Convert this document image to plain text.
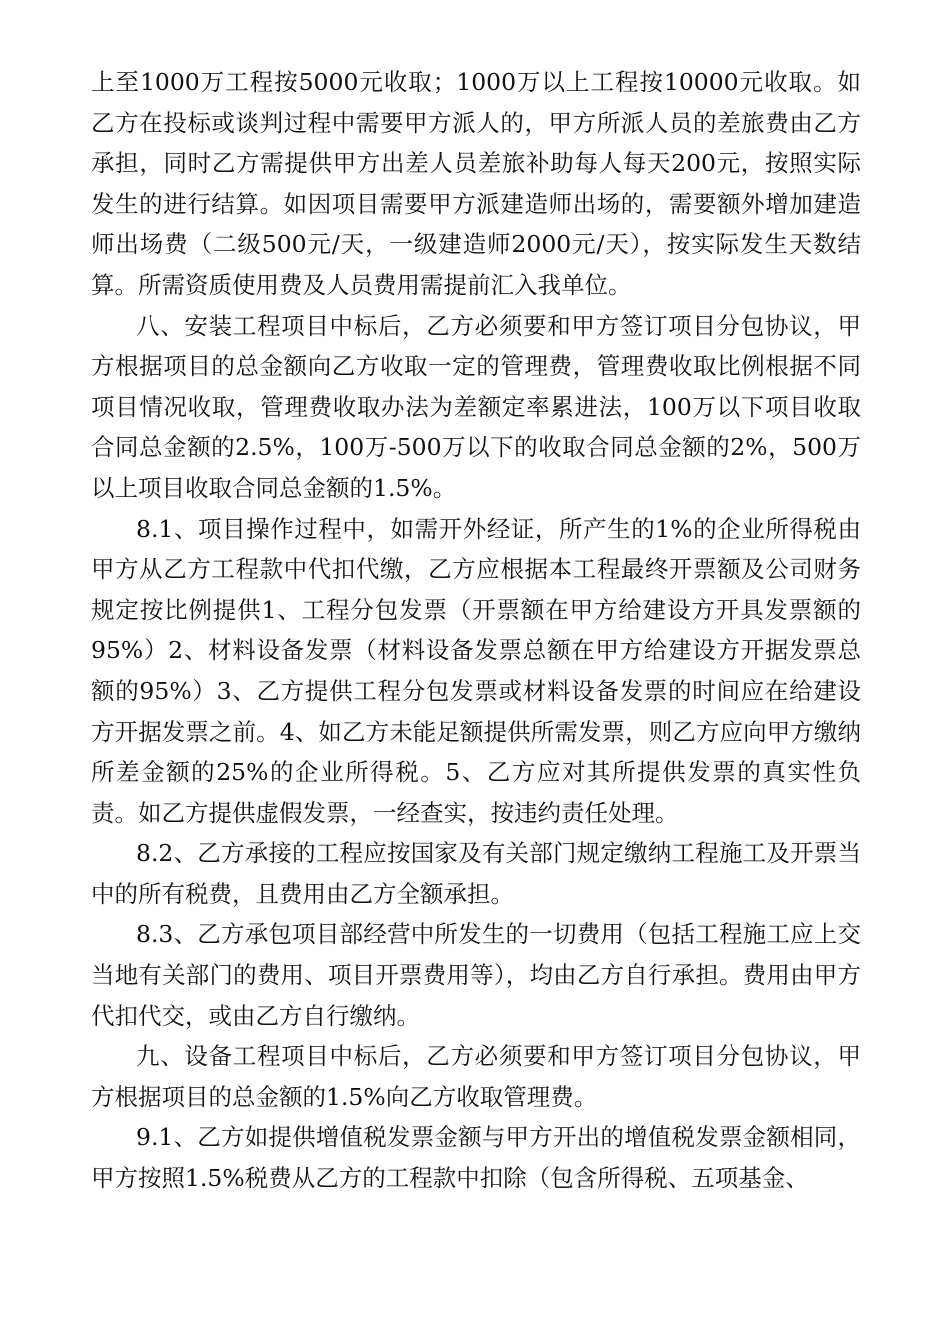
上至1000万工程按5000元收取；1000万以上工程按10000元收取。如乙方在投标或谈判过程中需要甲方派人的，甲方所派人员的差旅费由乙方承担，同时乙方需提供甲方出差人员差旅补助每人每天200元，按照实际发生的进行结算。如因项目需要甲方派建造师出场的，需要额外增加建造师出场费（二级500元/天，一级建造师2000元/天），按实际发生天数结算。所需资质使用费及人员费用需提前汇入我单位。

八、安装工程项目中标后，乙方必须要和甲方签订项目分包协议，甲方根据项目的总金额向乙方收取一定的管理费，管理费收取比例根据不同项目情况收取，管理费收取办法为差额定率累进法，100万以下项目收取合同总金额的2.5%，100万-500万以下的收取合同总金额的2%，500万以上项目收取合同总金额的1.5%。

8.1、项目操作过程中，如需开外经证，所产生的1%的企业所得税由甲方从乙方工程款中代扣代缴，乙方应根据本工程最终开票额及公司财务规定按比例提供1、工程分包发票（开票额在甲方给建设方开具发票额的95%）2、材料设备发票（材料设备发票总额在甲方给建设方开据发票总额的95%）3、乙方提供工程分包发票或材料设备发票的时间应在给建设方开据发票之前。4、如乙方未能足额提供所需发票，则乙方应向甲方缴纳所差金额的25%的企业所得税。5、乙方应对其所提供发票的真实性负责。如乙方提供虚假发票，一经查实，按违约责任处理。

8.2、乙方承接的工程应按国家及有关部门规定缴纳工程施工及开票当中的所有税费，且费用由乙方全额承担。

8.3、乙方承包项目部经营中所发生的一切费用（包括工程施工应上交当地有关部门的费用、项目开票费用等），均由乙方自行承担。费用由甲方代扣代交，或由乙方自行缴纳。

九、设备工程项目中标后，乙方必须要和甲方签订项目分包协议，甲方根据项目的总金额的1.5%向乙方收取管理费。

9.1、乙方如提供增值税发票金额与甲方开出的增值税发票金额相同，甲方按照1.5%税费从乙方的工程款中扣除（包含所得税、五项基金、
